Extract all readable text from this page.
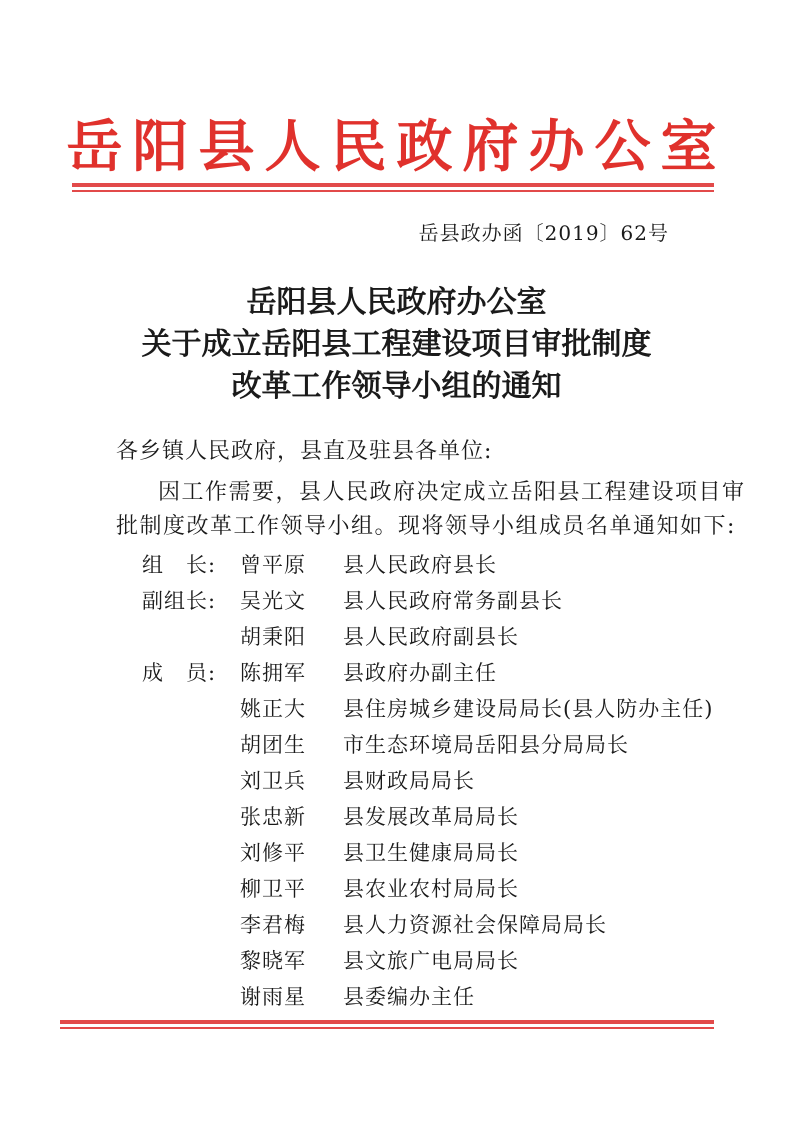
岳阳县人民政府办公室
岳县政办函〔2019〕62号
岳阳县人民政府办公室
关于成立岳阳县工程建设项目审批制度
改革工作领导小组的通知
各乡镇人民政府，县直及驻县各单位:
因工作需要，县人民政府决定成立岳阳县工程建设项目审
批制度改革工作领导小组。现将领导小组成员名单通知如下:
组　长: 曾平原 县人民政府县长
副组长: 吴光文 县人民政府常务副县长
胡秉阳 县人民政府副县长
成　员: 陈拥军 县政府办副主任
姚正大 县住房城乡建设局局长(县人防办主任)
胡团生 市生态环境局岳阳县分局局长
刘卫兵 县财政局局长
张忠新 县发展改革局局长
刘修平 县卫生健康局局长
柳卫平 县农业农村局局长
李君梅 县人力资源社会保障局局长
黎晓军 县文旅广电局局长
谢雨星 县委编办主任
